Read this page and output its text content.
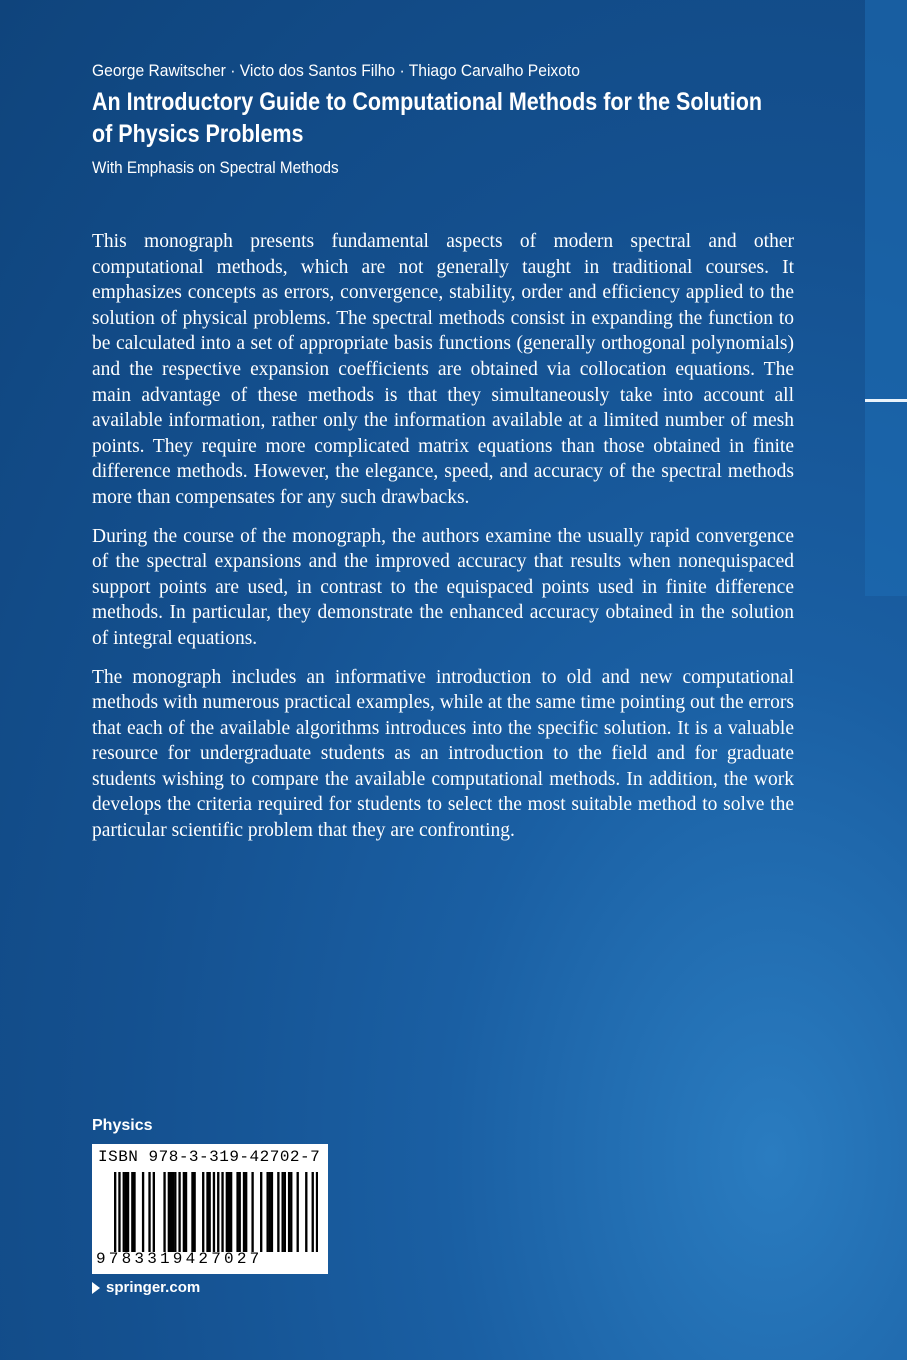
George Rawitscher · Victo dos Santos Filho · Thiago Carvalho Peixoto

An Introductory Guide to Computational Methods for the Solution of Physics Problems

With Emphasis on Spectral Methods

This monograph presents fundamental aspects of modern spectral and other computational methods, which are not generally taught in traditional courses. It emphasizes concepts as errors, convergence, stability, order and efficiency applied to the solution of physical problems. The spectral methods consist in expanding the function to be calculated into a set of appropriate basis functions (generally orthogonal polynomials) and the respective expansion coefficients are obtained via collocation equations. The main advantage of these methods is that they simultaneously take into account all available information, rather only the information available at a limited number of mesh points. They require more complicated matrix equations than those obtained in finite difference methods. However, the elegance, speed, and accuracy of the spectral methods more than compensates for any such drawbacks.

During the course of the monograph, the authors examine the usually rapid convergence of the spectral expansions and the improved accuracy that results when nonequispaced support points are used, in contrast to the equispaced points used in finite difference methods. In particular, they demonstrate the enhanced accuracy obtained in the solution of integral equations.

The monograph includes an informative introduction to old and new computational methods with numerous practical examples, while at the same time pointing out the errors that each of the available algorithms introduces into the specific solution. It is a valuable resource for undergraduate students as an introduction to the field and for graduate students wishing to compare the available computational methods. In addition, the work develops the criteria required for students to select the most suitable method to solve the particular scientific problem that they are confronting.

Physics
ISBN 978-3-319-42702-7
9783319427027
springer.com
